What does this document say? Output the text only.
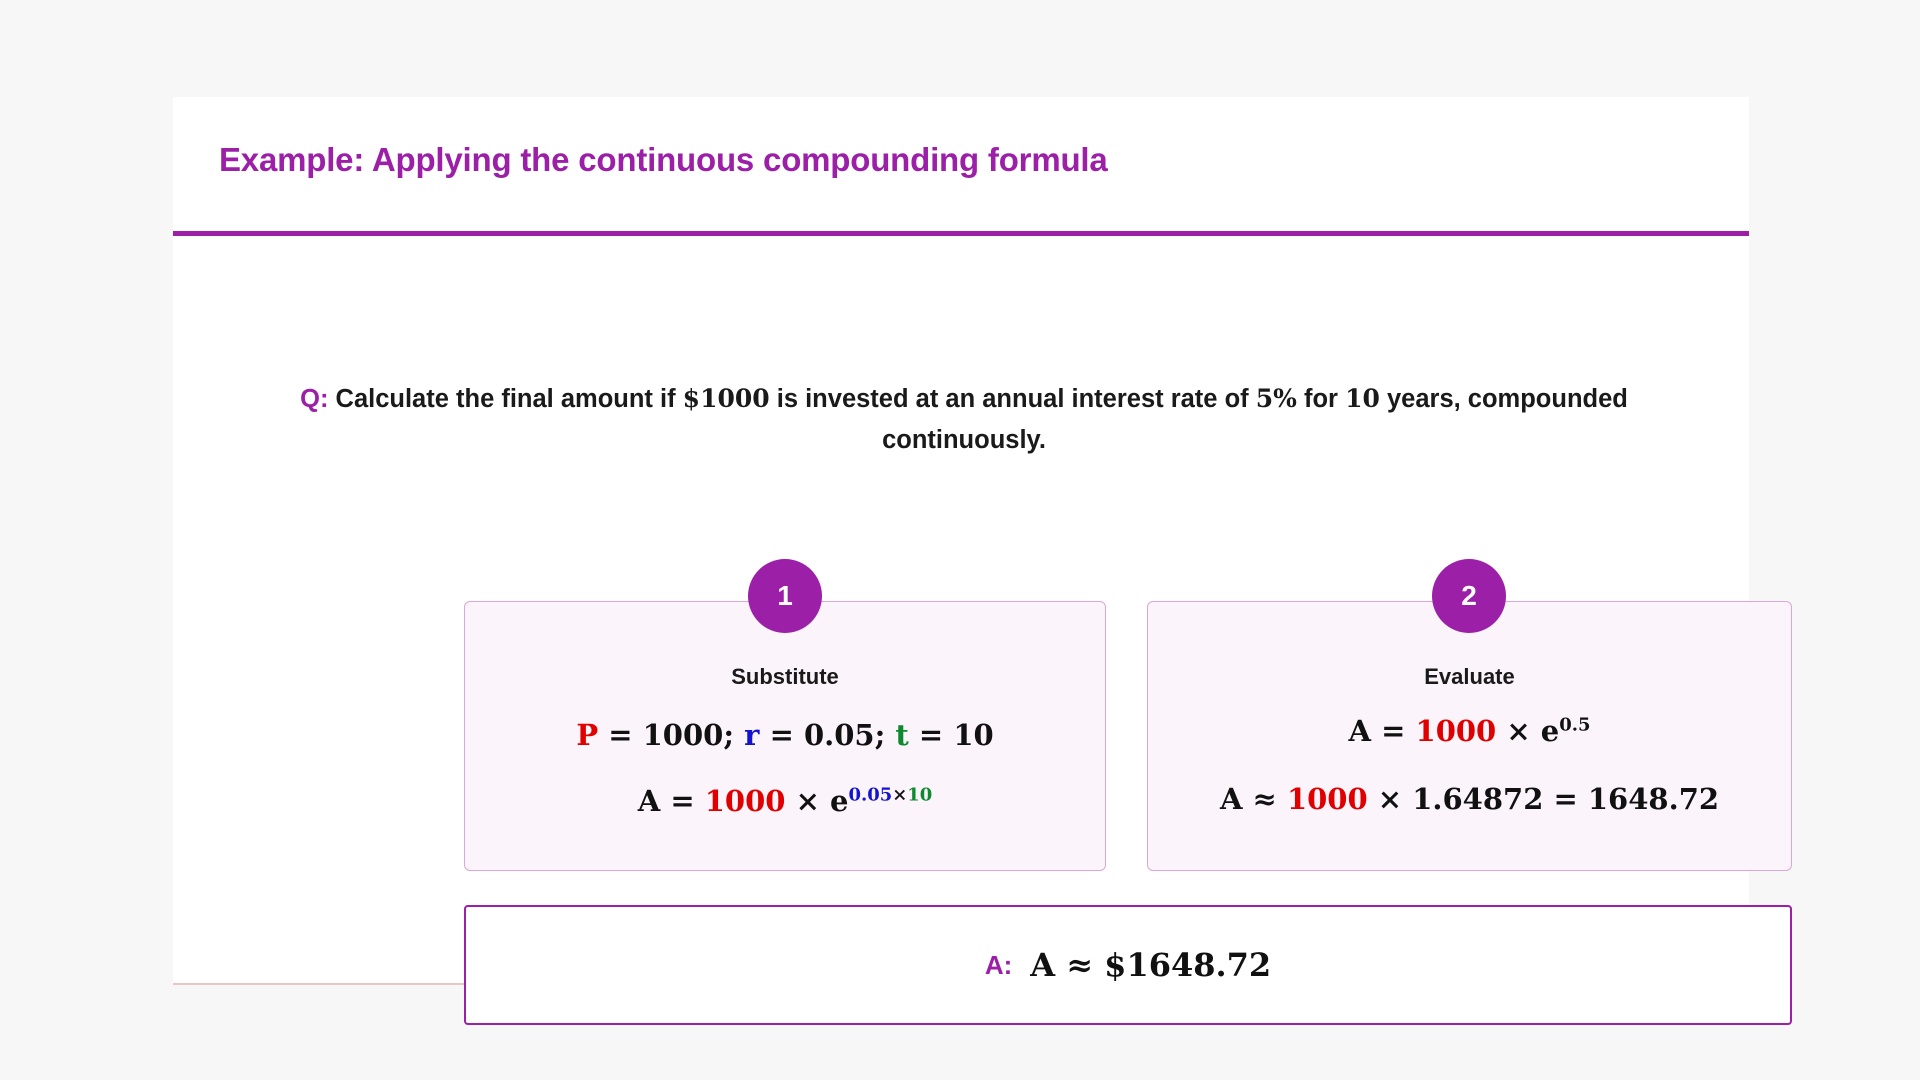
Example: Applying the continuous compounding formula
Q: Calculate the final amount if $1000 is invested at an annual interest rate of 5% for 10 years, compounded continuously.
1
Substitute
P = 1000; r = 0.05; t = 10
$A = 1000 \times e^{0.05\times 10}$
2
Evaluate
$A = 1000 \times e^{0.5}$
A ≈ 1000 × 1.64872 = 1648.72
A: A ≈ $1648.72
